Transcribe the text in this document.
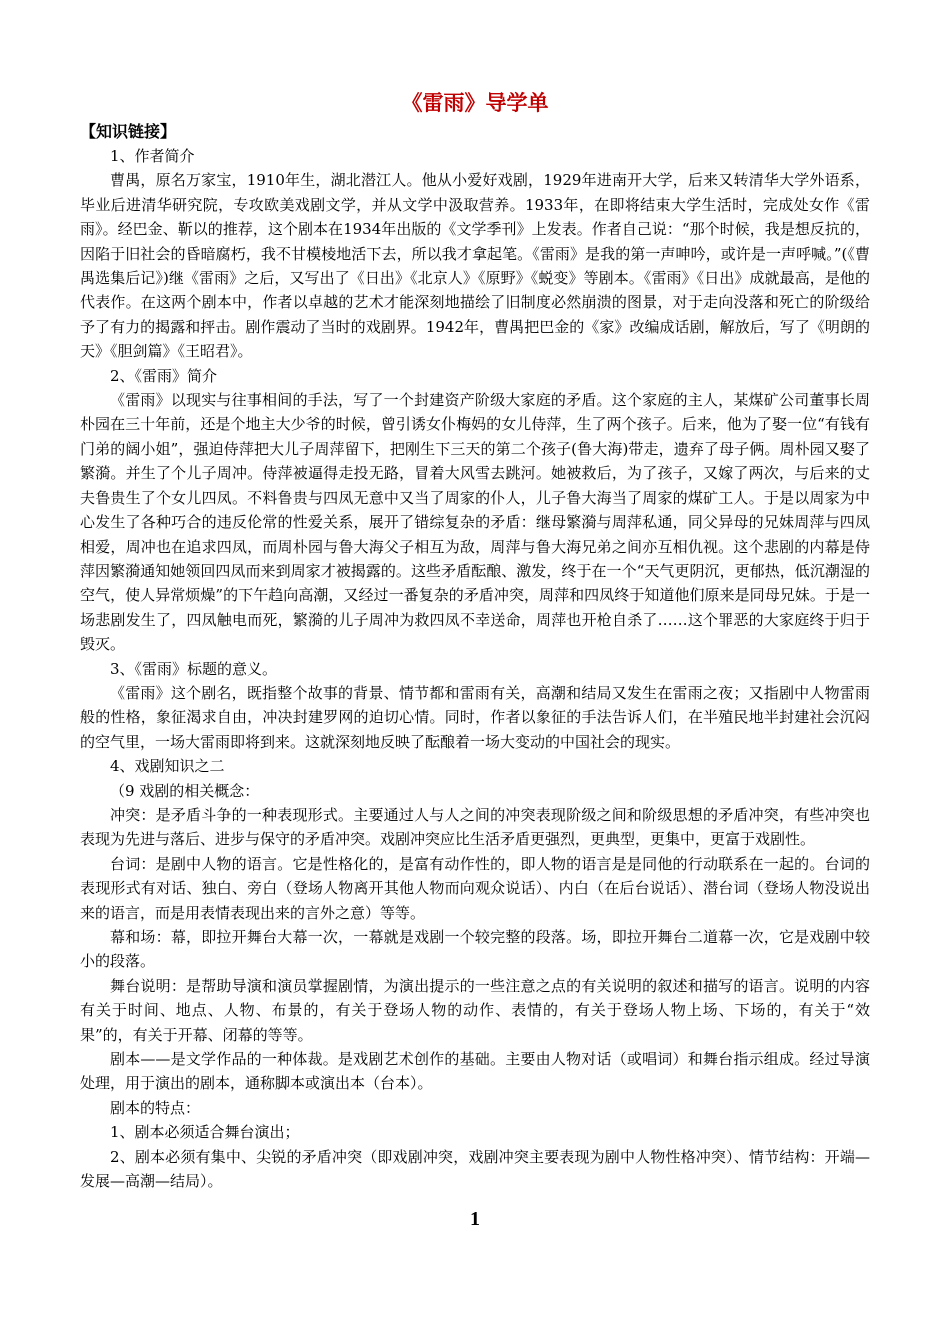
《雷雨》导学单

【知识链接】

1、作者简介

曹禺，原名万家宝，1910年生，湖北潜江人。他从小爱好戏剧，1929年进南开大学，后来又转清华大学外语系，毕业后进清华研究院，专攻欧美戏剧文学，并从文学中汲取营养。1933年，在即将结束大学生活时，完成处女作《雷雨》。经巴金、靳以的推荐，这个剧本在1934年出版的《文学季刊》上发表。作者自己说：“那个时候，我是想反抗的，因陷于旧社会的昏暗腐朽，我不甘模棱地活下去，所以我才拿起笔。《雷雨》是我的第一声呻吟，或许是一声呼喊。”(《曹禺选集后记》)继《雷雨》之后，又写出了《日出》《北京人》《原野》《蜕变》等剧本。《雷雨》《日出》成就最高，是他的代表作。在这两个剧本中，作者以卓越的艺术才能深刻地描绘了旧制度必然崩溃的图景，对于走向没落和死亡的阶级给予了有力的揭露和抨击。剧作震动了当时的戏剧界。1942年，曹禺把巴金的《家》改编成话剧，解放后，写了《明朗的天》《胆剑篇》《王昭君》。

2、《雷雨》简介

《雷雨》以现实与往事相间的手法，写了一个封建资产阶级大家庭的矛盾。这个家庭的主人，某煤矿公司董事长周朴园在三十年前，还是个地主大少爷的时候，曾引诱女仆梅妈的女儿侍萍，生了两个孩子。后来，他为了娶一位“有钱有门弟的阔小姐”，强迫侍萍把大儿子周萍留下，把刚生下三天的第二个孩子(鲁大海)带走，遗弃了母子俩。周朴园又娶了繁漪。并生了个儿子周冲。侍萍被逼得走投无路，冒着大风雪去跳河。她被救后，为了孩子，又嫁了两次，与后来的丈夫鲁贵生了个女儿四凤。不料鲁贵与四凤无意中又当了周家的仆人，儿子鲁大海当了周家的煤矿工人。于是以周家为中心发生了各种巧合的违反伦常的性爱关系，展开了错综复杂的矛盾：继母繁漪与周萍私通，同父异母的兄妹周萍与四凤相爱，周冲也在追求四凤，而周朴园与鲁大海父子相互为敌，周萍与鲁大海兄弟之间亦互相仇视。这个悲剧的内幕是侍萍因繁漪通知她领回四凤而来到周家才被揭露的。这些矛盾酝酿、激发，终于在一个“天气更阴沉，更郁热，低沉潮湿的空气，使人异常烦燥”的下午趋向高潮，又经过一番复杂的矛盾冲突，周萍和四凤终于知道他们原来是同母兄妹。于是一场悲剧发生了，四凤触电而死，繁漪的儿子周冲为救四凤不幸送命，周萍也开枪自杀了……这个罪恶的大家庭终于归于毁灭。

3、《雷雨》标题的意义。

《雷雨》这个剧名，既指整个故事的背景、情节都和雷雨有关，高潮和结局又发生在雷雨之夜；又指剧中人物雷雨般的性格，象征渴求自由，冲决封建罗网的迫切心情。同时，作者以象征的手法告诉人们，在半殖民地半封建社会沉闷的空气里，一场大雷雨即将到来。这就深刻地反映了酝酿着一场大变动的中国社会的现实。

4、戏剧知识之二

（9 戏剧的相关概念：

冲突：是矛盾斗争的一种表现形式。主要通过人与人之间的冲突表现阶级之间和阶级思想的矛盾冲突，有些冲突也表现为先进与落后、进步与保守的矛盾冲突。戏剧冲突应比生活矛盾更强烈，更典型，更集中，更富于戏剧性。

台词：是剧中人物的语言。它是性格化的，是富有动作性的，即人物的语言是是同他的行动联系在一起的。台词的表现形式有对话、独白、旁白（登场人物离开其他人物而向观众说话）、内白（在后台说话）、潜台词（登场人物没说出来的语言，而是用表情表现出来的言外之意）等等。

幕和场：幕，即拉开舞台大幕一次，一幕就是戏剧一个较完整的段落。场，即拉开舞台二道幕一次，它是戏剧中较小的段落。

舞台说明：是帮助导演和演员掌握剧情，为演出提示的一些注意之点的有关说明的叙述和描写的语言。说明的内容有关于时间、地点、人物、布景的，有关于登场人物的动作、表情的，有关于登场人物上场、下场的，有关于“效果”的，有关于开幕、闭幕的等等。

剧本——是文学作品的一种体裁。是戏剧艺术创作的基础。主要由人物对话（或唱词）和舞台指示组成。经过导演处理，用于演出的剧本，通称脚本或演出本（台本）。

剧本的特点：

1、剧本必须适合舞台演出；

2、剧本必须有集中、尖锐的矛盾冲突（即戏剧冲突，戏剧冲突主要表现为剧中人物性格冲突）、情节结构：开端—发展—高潮—结局）。

1
